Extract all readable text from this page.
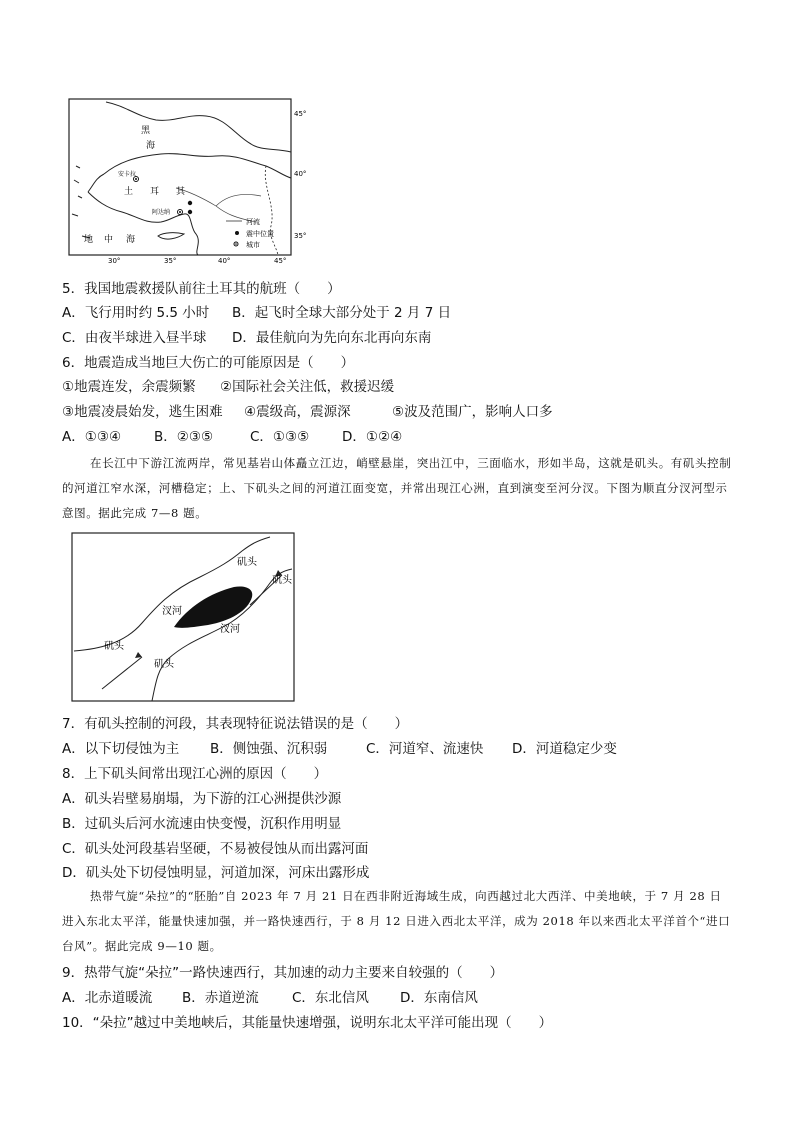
黑
海
安卡拉
土 耳 其
阿达纳
地 中 海
45°
40°
35°
30°	35°	40°	45°
河流
震中位置
城市
5．我国地震救援队前往土耳其的航班（　　）
A．飞行用时约 5.5 小时 B．起飞时全球大部分处于 2 月 7 日
C．由夜半球进入昼半球 D．最佳航向为先向东北再向东南
6．地震造成当地巨大伤亡的可能原因是（　　）
①地震连发，余震频繁 ②国际社会关注低，救援迟缓
③地震凌晨始发，逃生困难 ④震级高，震源深	⑤波及范围广，影响人口多
A．①③④ B．②③⑤	C．①③⑤ D．①②④
在长江中下游江流两岸，常见基岩山体矗立江边，峭壁悬崖，突出江中，三面临水，形如半岛，这就是矶头。有矶头控制的河道江窄水深，河槽稳定；上、下矶头之间的河道江面变宽，并常出现江心洲，直到演变至河分汊。下图为顺直分汊河型示意图。据此完成 7—8 题。
矶头
矶头
汊河
汊河
矶头
矶头
7．有矶头控制的河段，其表现特征说法错误的是（　　）
A．以下切侵蚀为主 B．侧蚀强、沉积弱	C．河道窄、流速快 D．河道稳定少变
8．上下矶头间常出现江心洲的原因（　　）
A．矶头岩壁易崩塌，为下游的江心洲提供沙源
B．过矶头后河水流速由快变慢，沉积作用明显
C．矶头处河段基岩坚硬，不易被侵蚀从而出露河面
D．矶头处下切侵蚀明显，河道加深，河床出露形成
热带气旋“朵拉”的“胚胎”自 2023 年 7 月 21 日在西非附近海域生成，向西越过北大西洋、中美地峡，于 7 月 28 日进入东北太平洋，能量快速加强，并一路快速西行，于 8 月 12 日进入西北太平洋，成为 2018 年以来西北太平洋首个“进口台风”。据此完成 9—10 题。
9．热带气旋“朵拉”一路快速西行，其加速的动力主要来自较强的（　　）
A．北赤道暖流 B．赤道逆流 C．东北信风 D．东南信风
10．“朵拉”越过中美地峡后，其能量快速增强，说明东北太平洋可能出现（　　）
